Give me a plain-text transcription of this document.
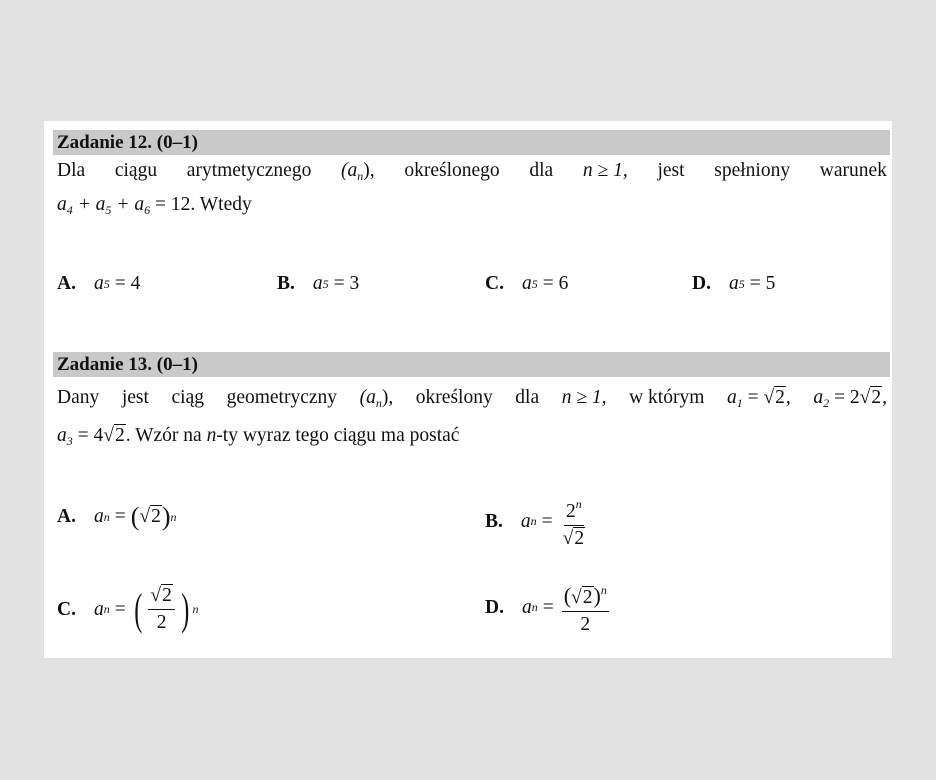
Zadanie 12. (0–1)
Dla ciągu arytmetycznego $(a_n)$, określonego dla n ≥ 1, jest spełniony warunek
$a_4 + a_5 + a_6 = 12$. Wtedy
A. a 5 = 4	B. a 5 = 3	C. a 5 = 6	D. a 5 = 5
Zadanie 13. (0–1)
Dany jest ciąg geometryczny $(a_n)$, określony dla n ≥ 1, w którym $a_1 = √2$, $a_2 = 2√2$,
$a_3 = 4√2$. Wzór na n-ty wyraz tego ciągu ma postać
A. a n = ( √2 ) n	B. a $n = \frac{2^n}{√2}$
C. a n = ( $\frac{√2}{2}$ ) n	D. a $n = \frac{(√2)^n}{2}$
